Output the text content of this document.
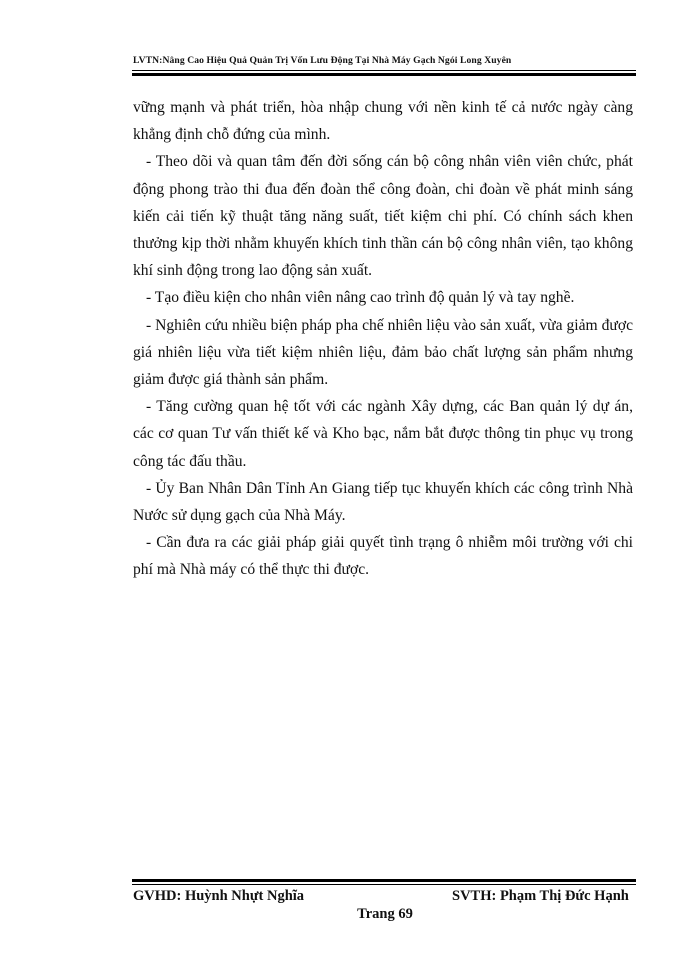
LVTN:Nâng Cao Hiệu Quả Quản Trị Vốn Lưu Động Tại Nhà Máy Gạch Ngói Long Xuyên

vững mạnh và phát triển, hòa nhập chung với nền kinh tế cả nước ngày càng khẳng định chỗ đứng của mình.

- Theo dõi và quan tâm đến đời sống cán bộ công nhân viên viên chức, phát động phong trào thi đua đến đoàn thể công đoàn, chi đoàn về phát minh sáng kiến cải tiến kỹ thuật tăng năng suất, tiết kiệm chi phí. Có chính sách khen thưởng kịp thời nhằm khuyến khích tinh thần cán bộ công nhân viên, tạo không khí sinh động trong lao động sản xuất.

- Tạo điều kiện cho nhân viên nâng cao trình độ quản lý và tay nghề.

- Nghiên cứu nhiều biện pháp pha chế nhiên liệu vào sản xuất, vừa giảm được giá nhiên liệu vừa tiết kiệm nhiên liệu, đảm bảo chất lượng sản phẩm nhưng giảm được giá thành sản phẩm.

- Tăng cường quan hệ tốt với các ngành Xây dựng, các Ban quản lý dự án, các cơ quan Tư vấn thiết kế và Kho bạc, nắm bắt được thông tin phục vụ trong công tác đấu thầu.

- Ủy Ban Nhân Dân Tỉnh An Giang tiếp tục khuyến khích các công trình Nhà Nước sử dụng gạch của Nhà Máy.

- Cần đưa ra các giải pháp giải quyết tình trạng ô nhiễm môi trường với chi phí mà Nhà máy có thể thực thi được.

GVHD: Huỳnh Nhựt Nghĩa	SVTH: Phạm Thị Đức Hạnh
Trang 69
